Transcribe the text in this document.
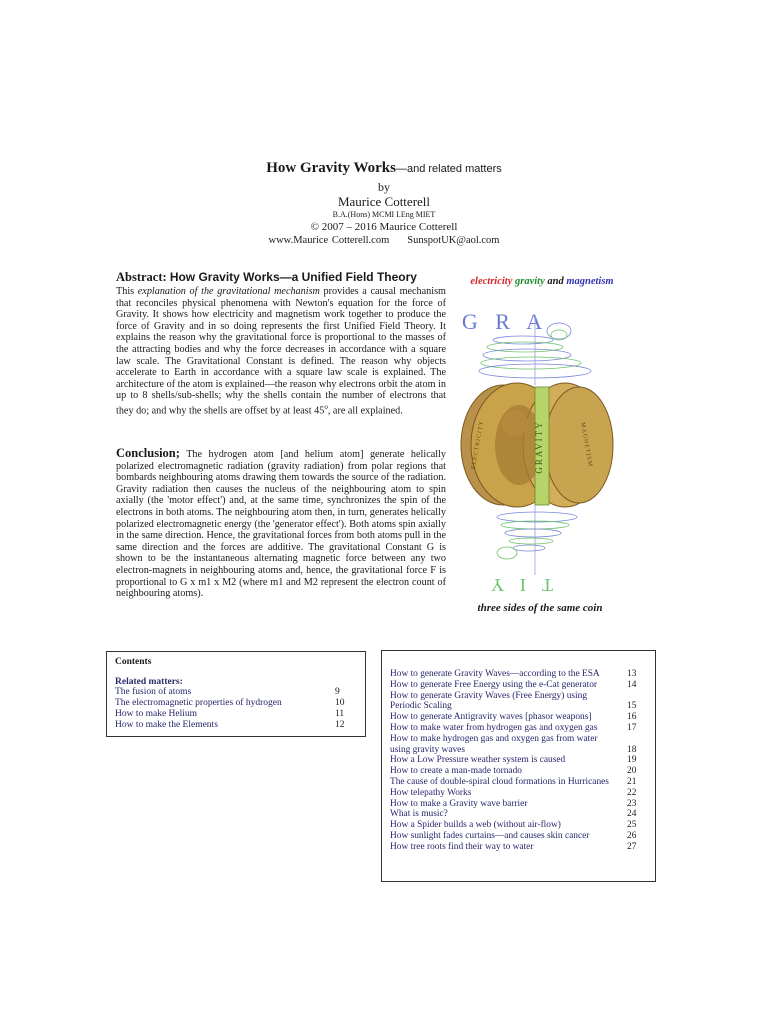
How Gravity Works—and related matters
by
Maurice Cotterell
B.A.(Hons) MCMI I.Eng MIET
© 2007 – 2016 Maurice Cotterell
www.Maurice Cotterell.com SunspotUK@aol.com
Abstract: How Gravity Works—a Unified Field Theory
This explanation of the gravitational mechanism provides a causal mechanism that reconciles physical phenomena with Newton's equation for the force of Gravity. It shows how electricity and magnetism work together to produce the force of Gravity and in so doing represents the first Unified Field Theory. It explains the reason why the gravitational force is proportional to the masses of the attracting bodies and why the force decreases in accordance with a square law scale. The Gravitational Constant is defined. The reason why objects accelerate to Earth in accordance with a square law scale is explained. The architecture of the atom is explained—the reason why electrons orbit the atom in up to 8 shells/sub-shells; why the shells contain the number of electrons that they do; and why the shells are offset by at least 45$^o$, are all explained.
Conclusion; The hydrogen atom [and helium atom] generate helically polarized electromagnetic radiation (gravity radiation) from polar regions that bombards neighbouring atoms drawing them towards the source of the radiation. Gravity radiation then causes the nucleus of the neighbouring atom to spin axially (the 'motor effect') and, at the same time, synchronizes the spin of the electrons in both atoms. The neighbouring atom then, in turn, generates helically polarized electromagnetic energy (the 'generator effect'). Both atoms spin axially in the same direction. Hence, the gravitational forces from both atoms pull in the same direction and the forces are additive. The gravitational Constant G is shown to be the instantaneous alternating magnetic force between any two electron-magnets in neighbouring atoms and, hence, the gravitational force F is proportional to G x m1 x M2 (where m1 and M2 represent the electron count of neighbouring atoms).
electricity gravity and magnetism
G R A
GRAVITY	MAGNETISM
ELECTRICITY
T I Y
three sides of the same coin
Contents
Related matters:
The fusion of atoms	9
The electromagnetic properties of hydrogen	10
How to make Helium	11
How to make the Elements	12
How to generate Gravity Waves—according to the ESA	13
How to generate Free Energy using the e-Cat generator	14
How to generate Gravity Waves (Free Energy) using
Periodic Scaling	15
How to generate Antigravity waves [phasor weapons]	16
How to make water from hydrogen gas and oxygen gas	17
How to make hydrogen gas and oxygen gas from water
using gravity waves	18
How a Low Pressure weather system is caused	19
How to create a man-made tornado	20
The cause of double-spiral cloud formations in Hurricanes 21
How telepathy Works	22
How to make a Gravity wave barrier	23
What is music?	24
How a Spider builds a web (without air-flow)	25
How sunlight fades curtains—and causes skin cancer	26
How tree roots find their way to water	27
